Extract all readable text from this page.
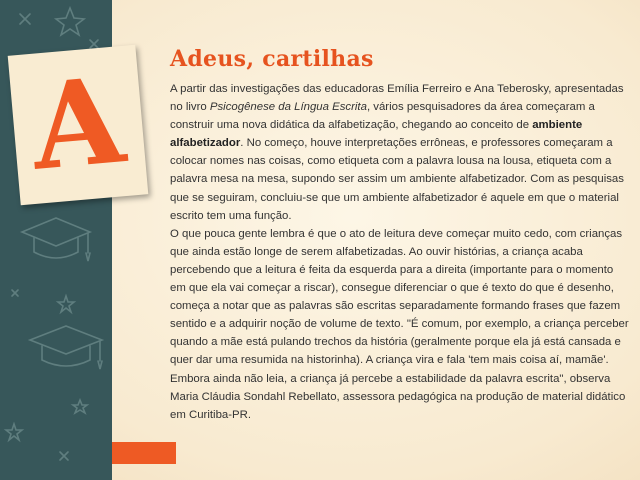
A	Adeus, cartilhas

A partir das investigações das educadoras Emília Ferreiro e Ana Teberosky, apresentadas no livro Psicogênese da Língua Escrita, vários pesquisadores da área começaram a construir uma nova didática da alfabetização, chegando ao conceito de ambiente alfabetizador. No começo, houve interpretações errôneas, e professores começaram a colocar nomes nas coisas, como etiqueta com a palavra lousa na lousa, etiqueta com a palavra mesa na mesa, supondo ser assim um ambiente alfabetizador. Com as pesquisas que se seguiram, concluiu-se que um ambiente alfabetizador é aquele em que o material escrito tem uma função.

O que pouca gente lembra é que o ato de leitura deve começar muito cedo, com crianças que ainda estão longe de serem alfabetizadas. Ao ouvir histórias, a criança acaba percebendo que a leitura é feita da esquerda para a direita (importante para o momento em que ela vai começar a riscar), consegue diferenciar o que é texto do que é desenho, começa a notar que as palavras são escritas separadamente formando frases que fazem sentido e a adquirir noção de volume de texto. "É comum, por exemplo, a criança perceber quando a mãe está pulando trechos da história (geralmente porque ela já está cansada e quer dar uma resumida na historinha). A criança vira e fala 'tem mais coisa aí, mamãe'. Embora ainda não leia, a criança já percebe a estabilidade da palavra escrita", observa Maria Cláudia Sondahl Rebellato, assessora pedagógica na produção de material didático em Curitiba-PR.
